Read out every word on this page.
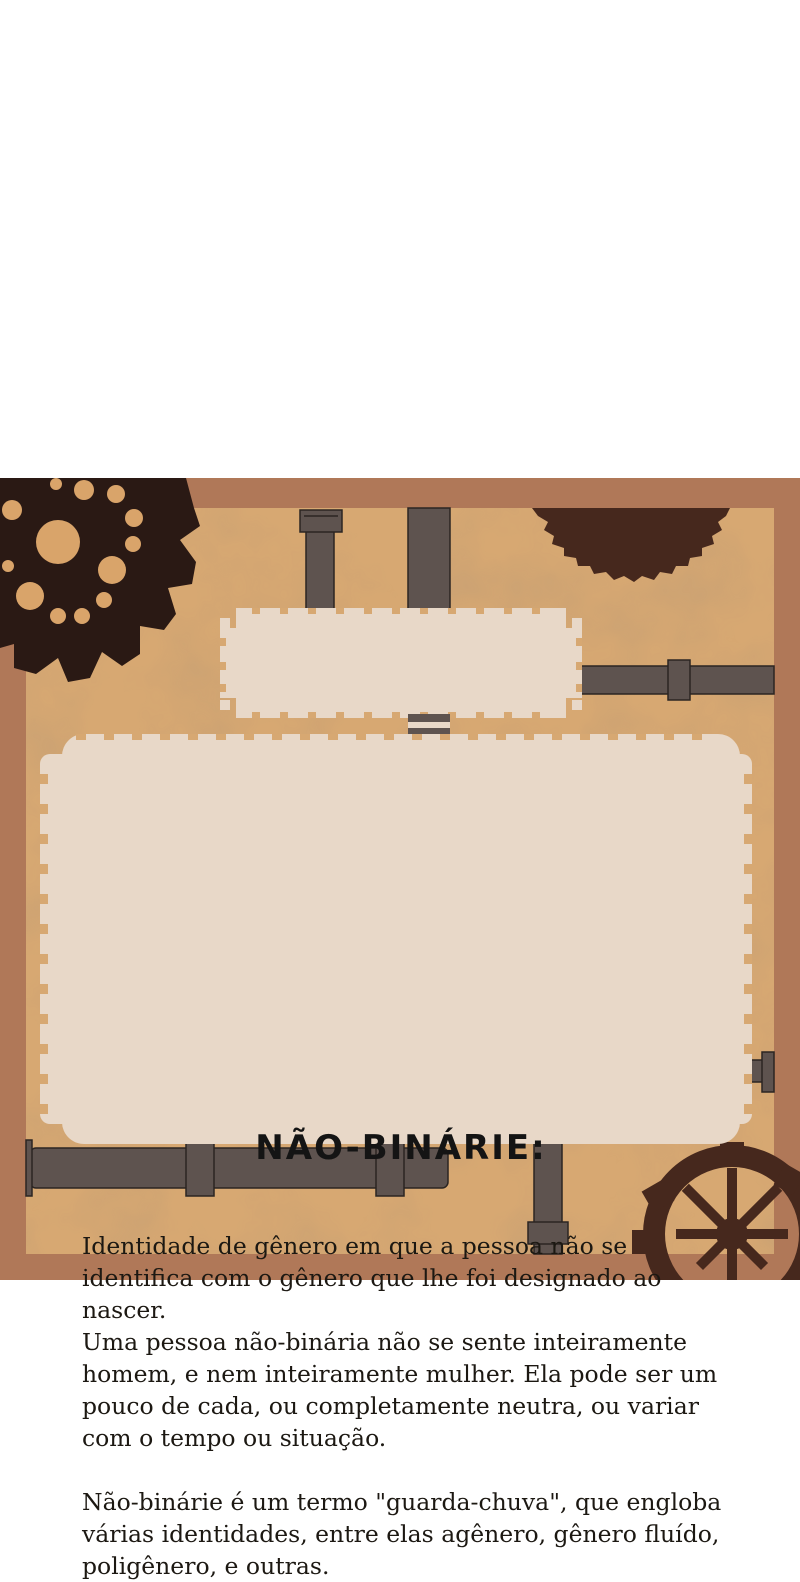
NÃO-BINÁRIE:

Identidade de gênero em que a pessoa não se identifica com o gênero que lhe foi designado ao nascer.

Uma pessoa não-binária não se sente inteiramente homem, e nem inteiramente mulher. Ela pode ser um pouco de cada, ou completamente neutra, ou variar com o tempo ou situação.

Não-binárie é um termo "guarda-chuva", que engloba várias identidades, entre elas agênero, gênero fluído, poligênero, e outras.
